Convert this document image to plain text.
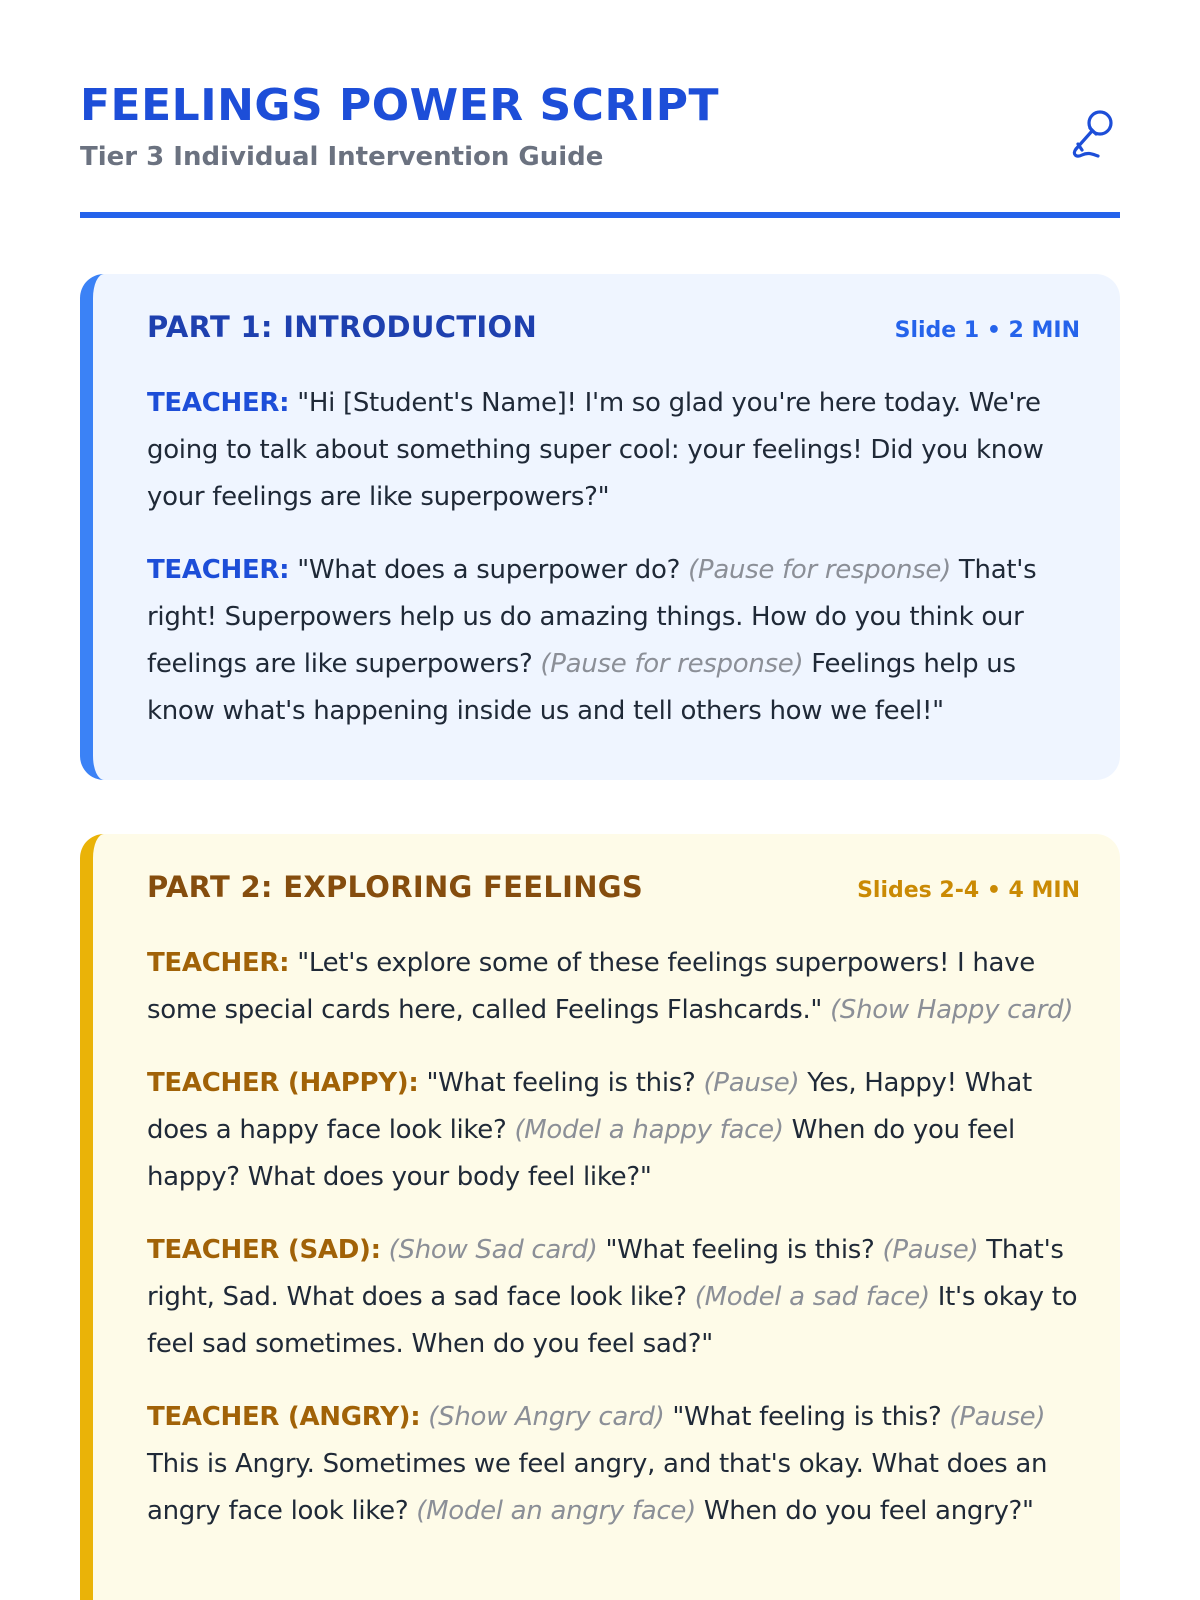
FEELINGS POWER SCRIPT
Tier 3 Individual Intervention Guide
PART 1: INTRODUCTION	Slide 1 • 2 MIN

TEACHER: "Hi [Student's Name]! I'm so glad you're here today. We're going to talk about something super cool: your feelings! Did you know your feelings are like superpowers?"

TEACHER: "What does a superpower do? (Pause for response) That's right! Superpowers help us do amazing things. How do you think our feelings are like superpowers? (Pause for response) Feelings help us know what's happening inside us and tell others how we feel!"

PART 2: EXPLORING FEELINGS	Slides 2-4 • 4 MIN

TEACHER: "Let's explore some of these feelings superpowers! I have some special cards here, called Feelings Flashcards." (Show Happy card)

TEACHER (HAPPY): "What feeling is this? (Pause) Yes, Happy! What does a happy face look like? (Model a happy face) When do you feel happy? What does your body feel like?"

TEACHER (SAD): (Show Sad card) "What feeling is this? (Pause) That's right, Sad. What does a sad face look like? (Model a sad face) It's okay to feel sad sometimes. When do you feel sad?"

TEACHER (ANGRY): (Show Angry card) "What feeling is this? (Pause) This is Angry. Sometimes we feel angry, and that's okay. What does an angry face look like? (Model an angry face) When do you feel angry?"
